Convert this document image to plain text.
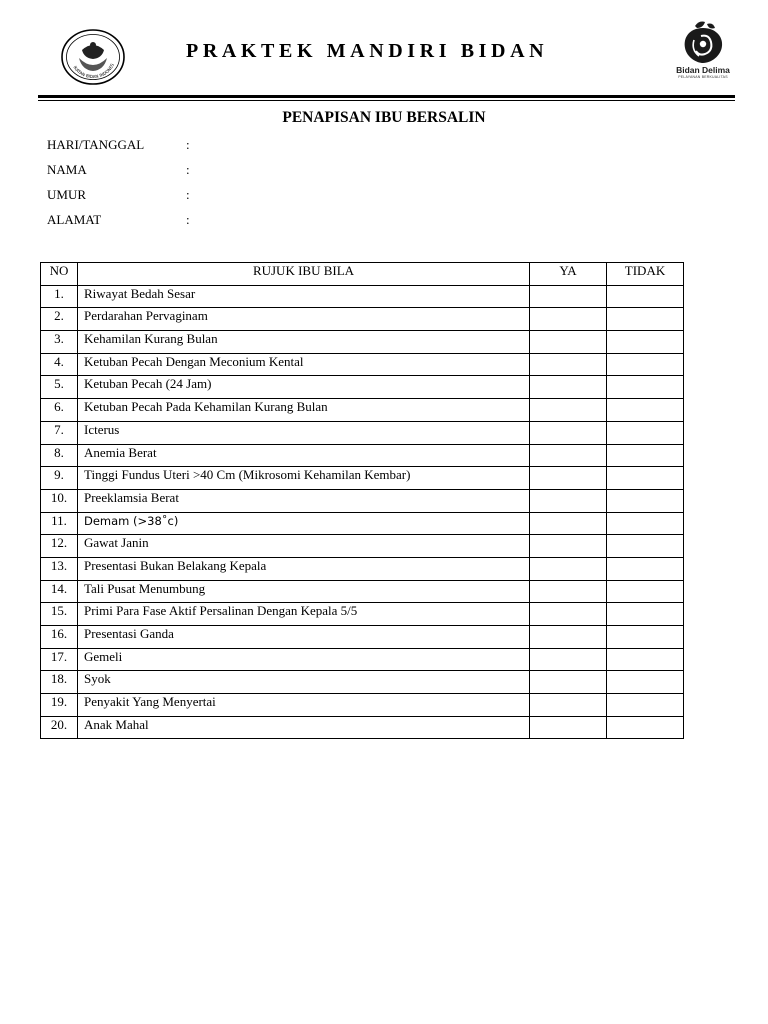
IKATAN BIDAN INDONES
PRAKTEK MANDIRI BIDAN
Bidan Delima
PELAYANAN BERKUALITAS
PENAPISAN IBU BERSALIN
HARI/TANGGAL	:
NAMA	:
UMUR	:
ALAMAT	:
NO	RUJUK IBU BILA	YA	TIDAK
1.	Riwayat Bedah Sesar		
2.	Perdarahan Pervaginam		
3.	Kehamilan Kurang Bulan		
4.	Ketuban Pecah Dengan Meconium Kental		
5.	Ketuban Pecah (24 Jam)		
6.	Ketuban Pecah Pada Kehamilan Kurang Bulan		
7.	Icterus		
8.	Anemia Berat		
9.	Tinggi Fundus Uteri >40 Cm (Mikrosomi Kehamilan Kembar)		
10.	Preeklamsia Berat		
11.	Demam (>38˚c)		
12.	Gawat Janin		
13.	Presentasi Bukan Belakang Kepala		
14.	Tali Pusat Menumbung		
15.	Primi Para Fase Aktif Persalinan Dengan Kepala 5/5		
16.	Presentasi Ganda		
17.	Gemeli		
18.	Syok		
19.	Penyakit Yang Menyertai		
20.	Anak Mahal		
